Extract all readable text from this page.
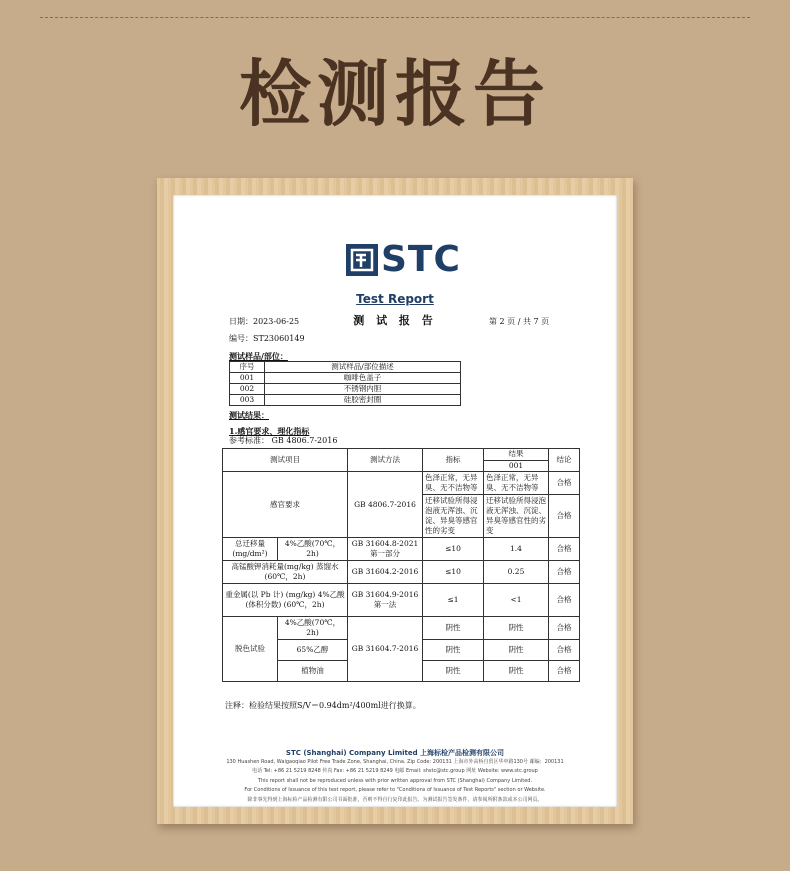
检测报告
STC
Test Report
测 试 报 告
日期：2023-06-25	第 2 页 / 共 7 页
编号：ST23060149
测试样品/部位：
序号	测试样品/部位描述
001	咖啡色盖子
002	不锈钢内胆
003	硅胶密封圈
测试结果：
1.感官要求、理化指标
参考标准： GB 4806.7-2016
测试项目		测试方法	指标	结果	结论
				001	
感官要求		GB 4806.7-2016	色泽正常，无异臭、无不洁物等	色泽正常，无异臭、无不洁物等	合格
			迁移试验所得浸泡液无浑浊、沉淀、异臭等感官性的劣变	迁移试验所得浸泡液无浑浊、沉淀、异臭等感官性的劣变	合格
总迁移量(mg/dm²)	4%乙酸(70℃，2h)	GB 31604.8-2021 第一部分	≤10	1.4	合格
高锰酸钾消耗量(mg/kg) 蒸馏水(60℃，2h)		GB 31604.2-2016	≤10	0.25	合格
重金属(以 Pb 计) (mg/kg) 4%乙酸(体积分数) (60℃，2h)		GB 31604.9-2016 第一法	≤1	<1	合格
脱色试验	4%乙酸(70℃，2h)	GB 31604.7-2016	阴性	阴性	合格
	65%乙醇		阴性	阴性	合格
	植物油		阴性	阴性	合格
注释：检验结果按照S/V＝0.94dm²/400ml进行换算。
STC (Shanghai) Company Limited 上海标检产品检测有限公司
130 Huashen Road, Waigaoqiao Pilot Free Trade Zone, Shanghai, China. Zip Code: 200131 上海市外高桥自贸区华申路130号 邮编：200131
电话 Tel: +86 21 5219 8248 传真 Fax: +86 21 5219 8249 电邮 Email: shstc@stc.group 网址 Website: www.stc.group
This report shall not be reproduced unless with prior written approval from STC (Shanghai) Company Limited.
For Conditions of Issuance of this test report, please refer to "Conditions of Issuance of Test Reports" section or Website.
除非事先得到上海标检产品检测有限公司书面批准，否则不得自行复印此报告。为测试报告签发条件，请参阅所附条款或本公司网页。
